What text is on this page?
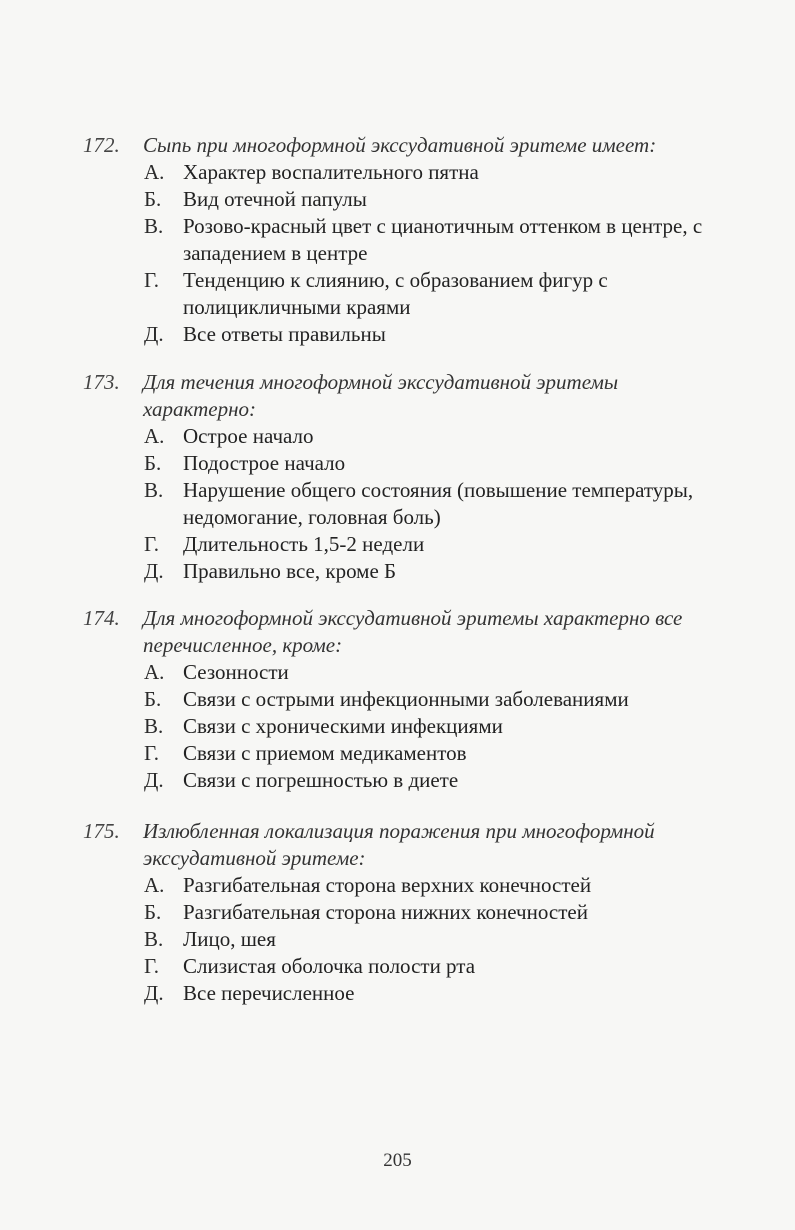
172. Сыпь при многоформной экссудативной эритеме имеет:
А. Характер воспалительного пятна
Б. Вид отечной папулы
В. Розово-красный цвет с цианотичным оттенком в центре, с западением в центре
Г. Тенденцию к слиянию, с образованием фигур с полицикличными краями
Д. Все ответы правильны
173. Для течения многоформной экссудативной эритемы характерно:
А. Острое начало
Б. Подострое начало
В. Нарушение общего состояния (повышение температуры, недомогание, головная боль)
Г. Длительность 1,5-2 недели
Д. Правильно все, кроме Б
174. Для многоформной экссудативной эритемы характерно все перечисленное, кроме:
А. Сезонности
Б. Связи с острыми инфекционными заболеваниями
В. Связи с хроническими инфекциями
Г. Связи с приемом медикаментов
Д. Связи с погрешностью в диете
175. Излюбленная локализация поражения при многоформной экссудативной эритеме:
А. Разгибательная сторона верхних конечностей
Б. Разгибательная сторона нижних конечностей
В. Лицо, шея
Г. Слизистая оболочка полости рта
Д. Все перечисленное
205
